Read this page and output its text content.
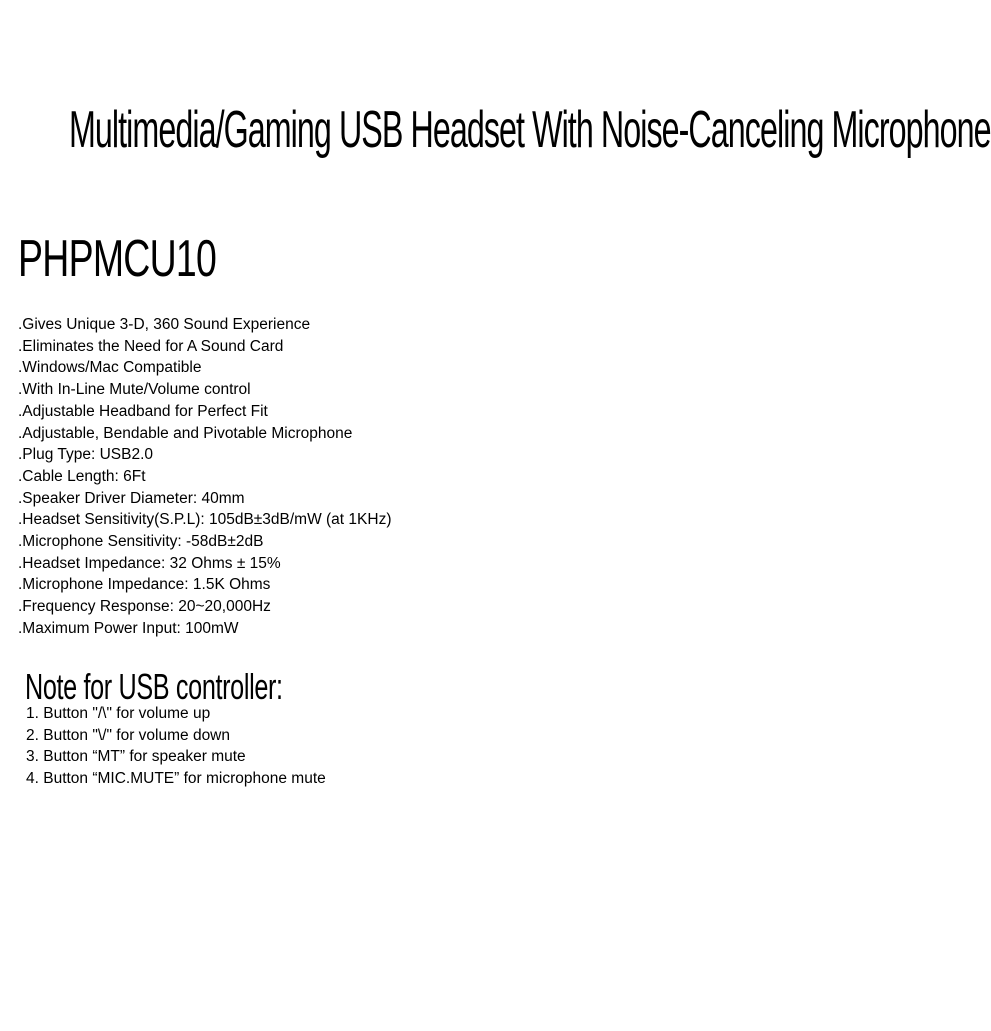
Multimedia/Gaming USB Headset With Noise-Canceling Microphone
PHPMCU10
.Gives Unique 3-D, 360 Sound Experience
.Eliminates the Need for A Sound Card
.Windows/Mac Compatible
.With In-Line Mute/Volume control
.Adjustable Headband for Perfect Fit
.Adjustable, Bendable and Pivotable Microphone
.Plug Type: USB2.0
.Cable Length: 6Ft
.Speaker Driver Diameter: 40mm
.Headset Sensitivity(S.P.L): 105dB±3dB/mW (at 1KHz)
.Microphone Sensitivity: -58dB±2dB
.Headset Impedance: 32 Ohms ± 15%
.Microphone Impedance: 1.5K Ohms
.Frequency Response: 20~20,000Hz
.Maximum Power Input: 100mW
Note for USB controller:
1. Button "/\" for volume up
2. Button "\/" for volume down
3. Button “MT” for speaker mute
4. Button “MIC.MUTE” for microphone mute
